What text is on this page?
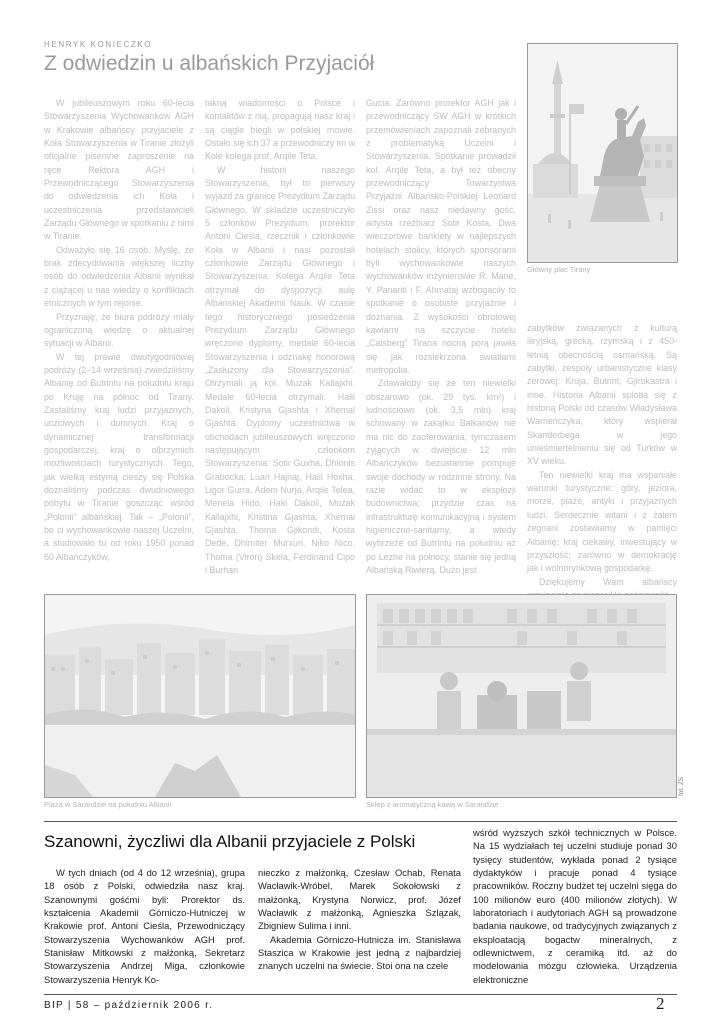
HENRYK KONIECZKO
Z odwiedzin u albańskich Przyjaciół

W jubileuszowym roku 60-lecia Stowarzyszenia Wychowanków AGH w Krakowie albańscy przyjaciele z Koła Stowarzyszenia w Tiranie złożyli oficjalne pisemne zaproszenie na ręce Rektora AGH i Przewodniczącego Stowarzyszenia do odwiedzenia ich Koła i uczestniczenia przedstawicieli Zarządu Głównego w spotkaniu z nimi w Tiranie.

Odważyło się 16 osób. Myślę, że brak zdecydowania większej liczby osób do odwiedzenia Albanii wynikał z ciążącej u nas wiedzy o konfliktach etnicznych w tym rejonie.

Przyznaję, że biura podróży miały ograniczoną wiedzę o aktualnej sytuacji w Albanii.

W tej prawie dwutygodniowej podróży (2–14 września) zwiedziliśmy Albanię od Butrintu na południu kraju po Kruję na północ od Tirany. Zastaliśmy kraj ludzi przyjaznych, uczciwych i dumnych. Kraj o dynamicznej transformacji gospodarczej, kraj o olbrzymich możliwościach turystycznych. Tego, jak wielką estymą cieszy się Polska doznaliśmy podczas dwudniowego pobytu w Tiranie goszcząc wśród „Polonii” albańskiej. Tak – „Polonii”, bo ci wychowankowie naszej Uczelni, a studiowało tu od roku 1950 ponad 60 Albańczyków,

takną wiadomości o Polsce i kontaktów z nią, propagują nasz kraj i są ciągle biegli w polskiej mowie. Ostało się ich 37 a przewodniczy im w Kole kolega prof. Arqile Teta.

W historii naszego Stowarzyszenia, był to pierwszy wyjazd za granicę Prezydium Zarządu Głównego. W składzie uczestniczyło 5 członków Prezydium, prorektor Antoni Cieśla, rzecznik i członkowie Koła w Albanii i nasi pozostali członkowie Zarządu Głównego i Stowarzyszenia. Kolega Arqile Teta otrzymał do dyspozycji aulę Albańskiej Akademii Nauk. W czasie tego historycznego posiedzenia Prezydium Zarządu Głównego wręczono dyplomy, medale 60-lecia Stowarzyszenia i odznakę honorową „Zasłużony dla Stowarzyszenia”. Otrzymali ją kol. Muzak Kallajxhi. Medale 60-lecia otrzymali: Halil Dakoli, Kristyna Gjashta i Xhemal Gjashta. Dyplomy uczestnictwa w obchodach jubileuszowych wręczono następującym członkom Stowarzyszenia: Sotir Guxha, Dhionis Grabocka, Luan Hajnaj, Halil Hoxha, Ligor Gurra, Adem Nurja, Arqile Telea, Menela Hido, Haki Dakoli, Muzak Kallajxhi, Kristina Gjashta, Xhemal Gjashta, Thoma Gjikondi, Kosta Dede, Dhimiter Murxun, Niko Nico, Thoma (Viron) Skela, Ferdinand Cipo i Burhan

Gucia. Zarówno prorektor AGH jak i przewodniczący SW AGH w krótkich przemówieniach zapoznali zebranych z problematyką Uczelni i Stowarzyszenia. Spotkanie prowadził kol. Arqile Teta, a był też obecny przewodniczący Towarzystwa Przyjaźni Albańsko-Polskiej Leonard Zissi oraz nasz niedawny gość, artysta rzeźbiarz Sotir Kosta. Dwa wieczorowe bankiety w najlepszych hotelach stolicy, których sponsorami byli wychowankowie naszych wychowanków inżynierowie R. Mane, Y. Panariti i F. Ahmataj wzbogaciły to spotkanie o osobiste przyjaźnie i doznania. Z wysokości obrotowej kawiarni na szczycie hotelu „Calsberg” Tirana nocną porą jawiła się jak rozsiekrzona światłami metropolia.

Zdawałoby się że ten niewielki obszarowo (ok. 29 tys. km²) i ludnościowo (ok. 3,5 mln) kraj schowany w zakątku Bałkanów nie ma nic do zaoferowania, tymczasem żyjących w dwiejście 12 mln Albańczyków bezustannie pompuje swoje dochody w rodzinne strony. Na razie widać to w ekspłozji budownictwa; przydzie czas na infrastrukturę komunikacyjną i system higieniczno-sanitarny, a wtedy wybrzeże od Butrintu na południu aż po Lezhe na północy, stanie się jedną Albańską Riwierą. Dużo jest

zabytków związanych z kulturą iliryjską, grecką, rzymską i z 450-letnią obecnością osmańską. Są zabytki, zespoły urbanistyczne klasy zerowej: Kruja, Butrint, Gjirokastra i inne. Historia Albanii splotła się z historią Polski od czasów Władysława Warneńczyka, który wspierał Skanderbega w jego unieśmiertelnieniu się od Turków w XV wieku.

Ten niewielki kraj ma wspaniałe warunki turystyczne: góry, jeziora, morze, plaże, antyki i przyjaznych ludzi. Serdecznie witani i z żalem żegnani zostawiamy w pamięci Albanię; kraj ciekawy, inwestujący w przyszłość; zarówno w demokrację jak i wolnorynkową gospodarkę.

Dziękujemy Wam albańscy

Główny plac Tirany
Plaża w Sarandzie na południu Albanii	Sklep z aromatyczną kawą w Sarandzie
fot. ZS
Szanowni, życzliwi dla Albanii przyjaciele z Polski

W tych dniach (od 4 do 12 września), grupa 18 osób z Polski, odwiedziła nasz kraj. Szanownymi gośćmi byli: Prorektor ds. kształcenia Akademii Górniczo-Hutniczej w Krakowie prof. Antoni Cieśla, Przewodniczący Stowarzyszenia Wychowanków AGH prof. Stanisław Mitkowski z małżonką, Sekretarz Stowarzyszenia Andrzej Miga, członkowie Stowarzyszenia Henryk Ko-

nieczko z małżonką, Czesław Ochab, Renata Wacławik-Wróbel, Marek Sokołowski z małżonką, Krystyna Norwicz, prof. Józef Wacławik z małżonką, Agnieszka Szlązak, Zbigniew Sulima i inni.

Akademia Górniczo-Hutnicza im. Stanisława Staszica w Krakowie jest jedną z najbardziej znanych uczelni na świecie. Stoi ona na czele

wśród wyższych szkół technicznych w Polsce. Na 15 wydziałach tej uczelni studiuje ponad 30 tysięcy studentów, wykłada ponad 2 tysiące dydaktyków i pracuje ponad 4 tysiące pracowników. Roczny budżet tej uczelni sięga do 100 milionów euro (400 milionów złotych). W laboratoriach i audytoriach AGH są prowadzone badania naukowe, od tradycyjnych związanych z eksploatacją bogactw mineralnych, z odlewnictwem, z ceramiką itd. aż do modelowania mózgu człowieka. Urządzenia elektroniczne

BIP | 58 – październik 2006 r.	2
